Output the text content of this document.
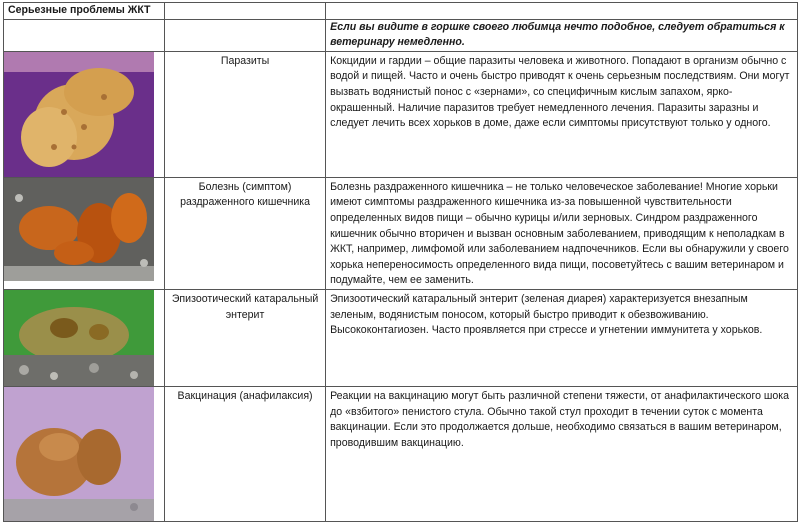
Серьезные проблемы ЖКТ		
		Если вы видите в горшке своего любимца нечто подобное, следует обратиться к ветеринару немедленно.

	Паразиты	Кокцидии и гардии – общие паразиты человека и животного. Попадают в организм обычно с водой и пищей. Часто и очень быстро приводят к очень серьезным последствиям. Они могут вызвать водянистый понос с «зернами», со специфичным кислым запахом, ярко-окрашенный. Наличие паразитов требует немедленного лечения. Паразиты заразны и следует лечить всех хорьков в доме, даже если симптомы присутствуют только у одного.

	Болезнь (симптом) раздраженного кишечника	Болезнь раздраженного кишечника – не только человеческое заболевание! Многие хорьки имеют симптомы раздраженного кишечника из-за повышенной чувствительности определенных видов пищи – обычно курицы и/или зерновых. Синдром раздраженного кишечник обычно вторичен и вызван основным заболеванием, приводящим к неполадкам в ЖКТ, например, лимфомой или заболеванием надпочечников. Если вы обнаружили у своего хорька непереносимость определенного вида пищи, посоветуйтесь с вашим ветеринаром и подумайте, чем ее заменить.

	Эпизоотический катаральный энтерит	Эпизоотический катаральный энтерит (зеленая диарея) характеризуется внезапным зеленым, водянистым поносом, который быстро приводит к обезвоживанию. Высококонтагиозен. Часто проявляется при стрессе и угнетении иммунитета у хорьков.

	Вакцинация (анафилаксия)	Реакции на вакцинацию могут быть различной степени тяжести, от анафилактического шока до «взбитого» пенистого стула. Обычно такой стул проходит в течении суток с момента вакцинации. Если это продолжается дольше, необходимо связаться в вашим ветеринаром, проводившим вакцинацию.
